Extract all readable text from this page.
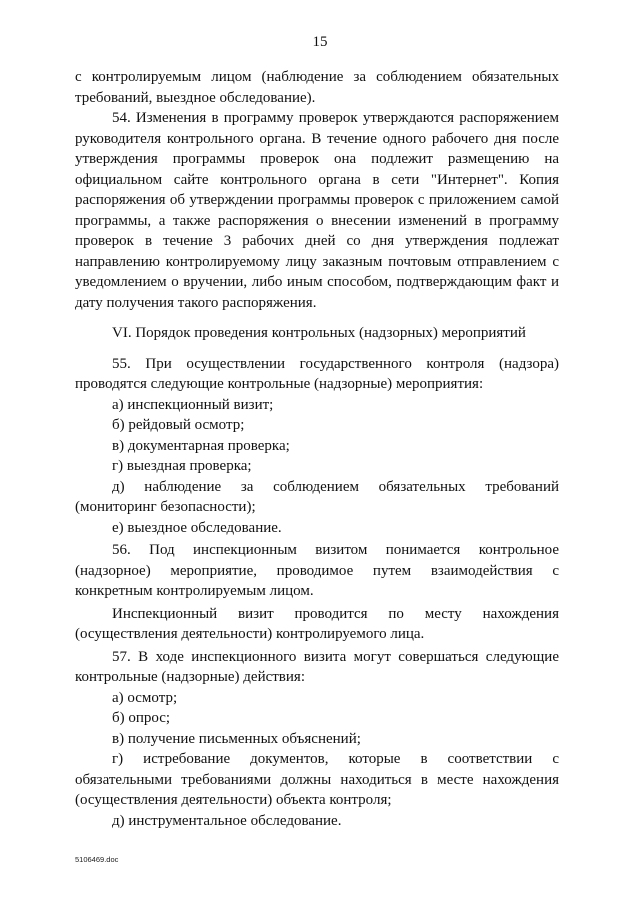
15

с контролируемым лицом (наблюдение за соблюдением обязательных требований, выездное обследование).

54. Изменения в программу проверок утверждаются распоряжением руководителя контрольного органа. В течение одного рабочего дня после утверждения программы проверок она подлежит размещению на официальном сайте контрольного органа в сети "Интернет". Копия распоряжения об утверждении программы проверок с приложением самой программы, а также распоряжения о внесении изменений в программу проверок в течение 3 рабочих дней со дня утверждения подлежат направлению контролируемому лицу заказным почтовым отправлением с уведомлением о вручении, либо иным способом, подтверждающим факт и дату получения такого распоряжения.

VI. Порядок проведения контрольных (надзорных) мероприятий

55. При осуществлении государственного контроля (надзора) проводятся следующие контрольные (надзорные) мероприятия:

а) инспекционный визит;

б) рейдовый осмотр;

в) документарная проверка;

г) выездная проверка;

д) наблюдение за соблюдением обязательных требований (мониторинг безопасности);

е) выездное обследование.

56. Под инспекционным визитом понимается контрольное (надзорное) мероприятие, проводимое путем взаимодействия с конкретным контролируемым лицом.

Инспекционный визит проводится по месту нахождения (осуществления деятельности) контролируемого лица.

57. В ходе инспекционного визита могут совершаться следующие контрольные (надзорные) действия:

а) осмотр;

б) опрос;

в) получение письменных объяснений;

г) истребование документов, которые в соответствии с обязательными требованиями должны находиться в месте нахождения (осуществления деятельности) объекта контроля;

д) инструментальное обследование.

5106469.doc
